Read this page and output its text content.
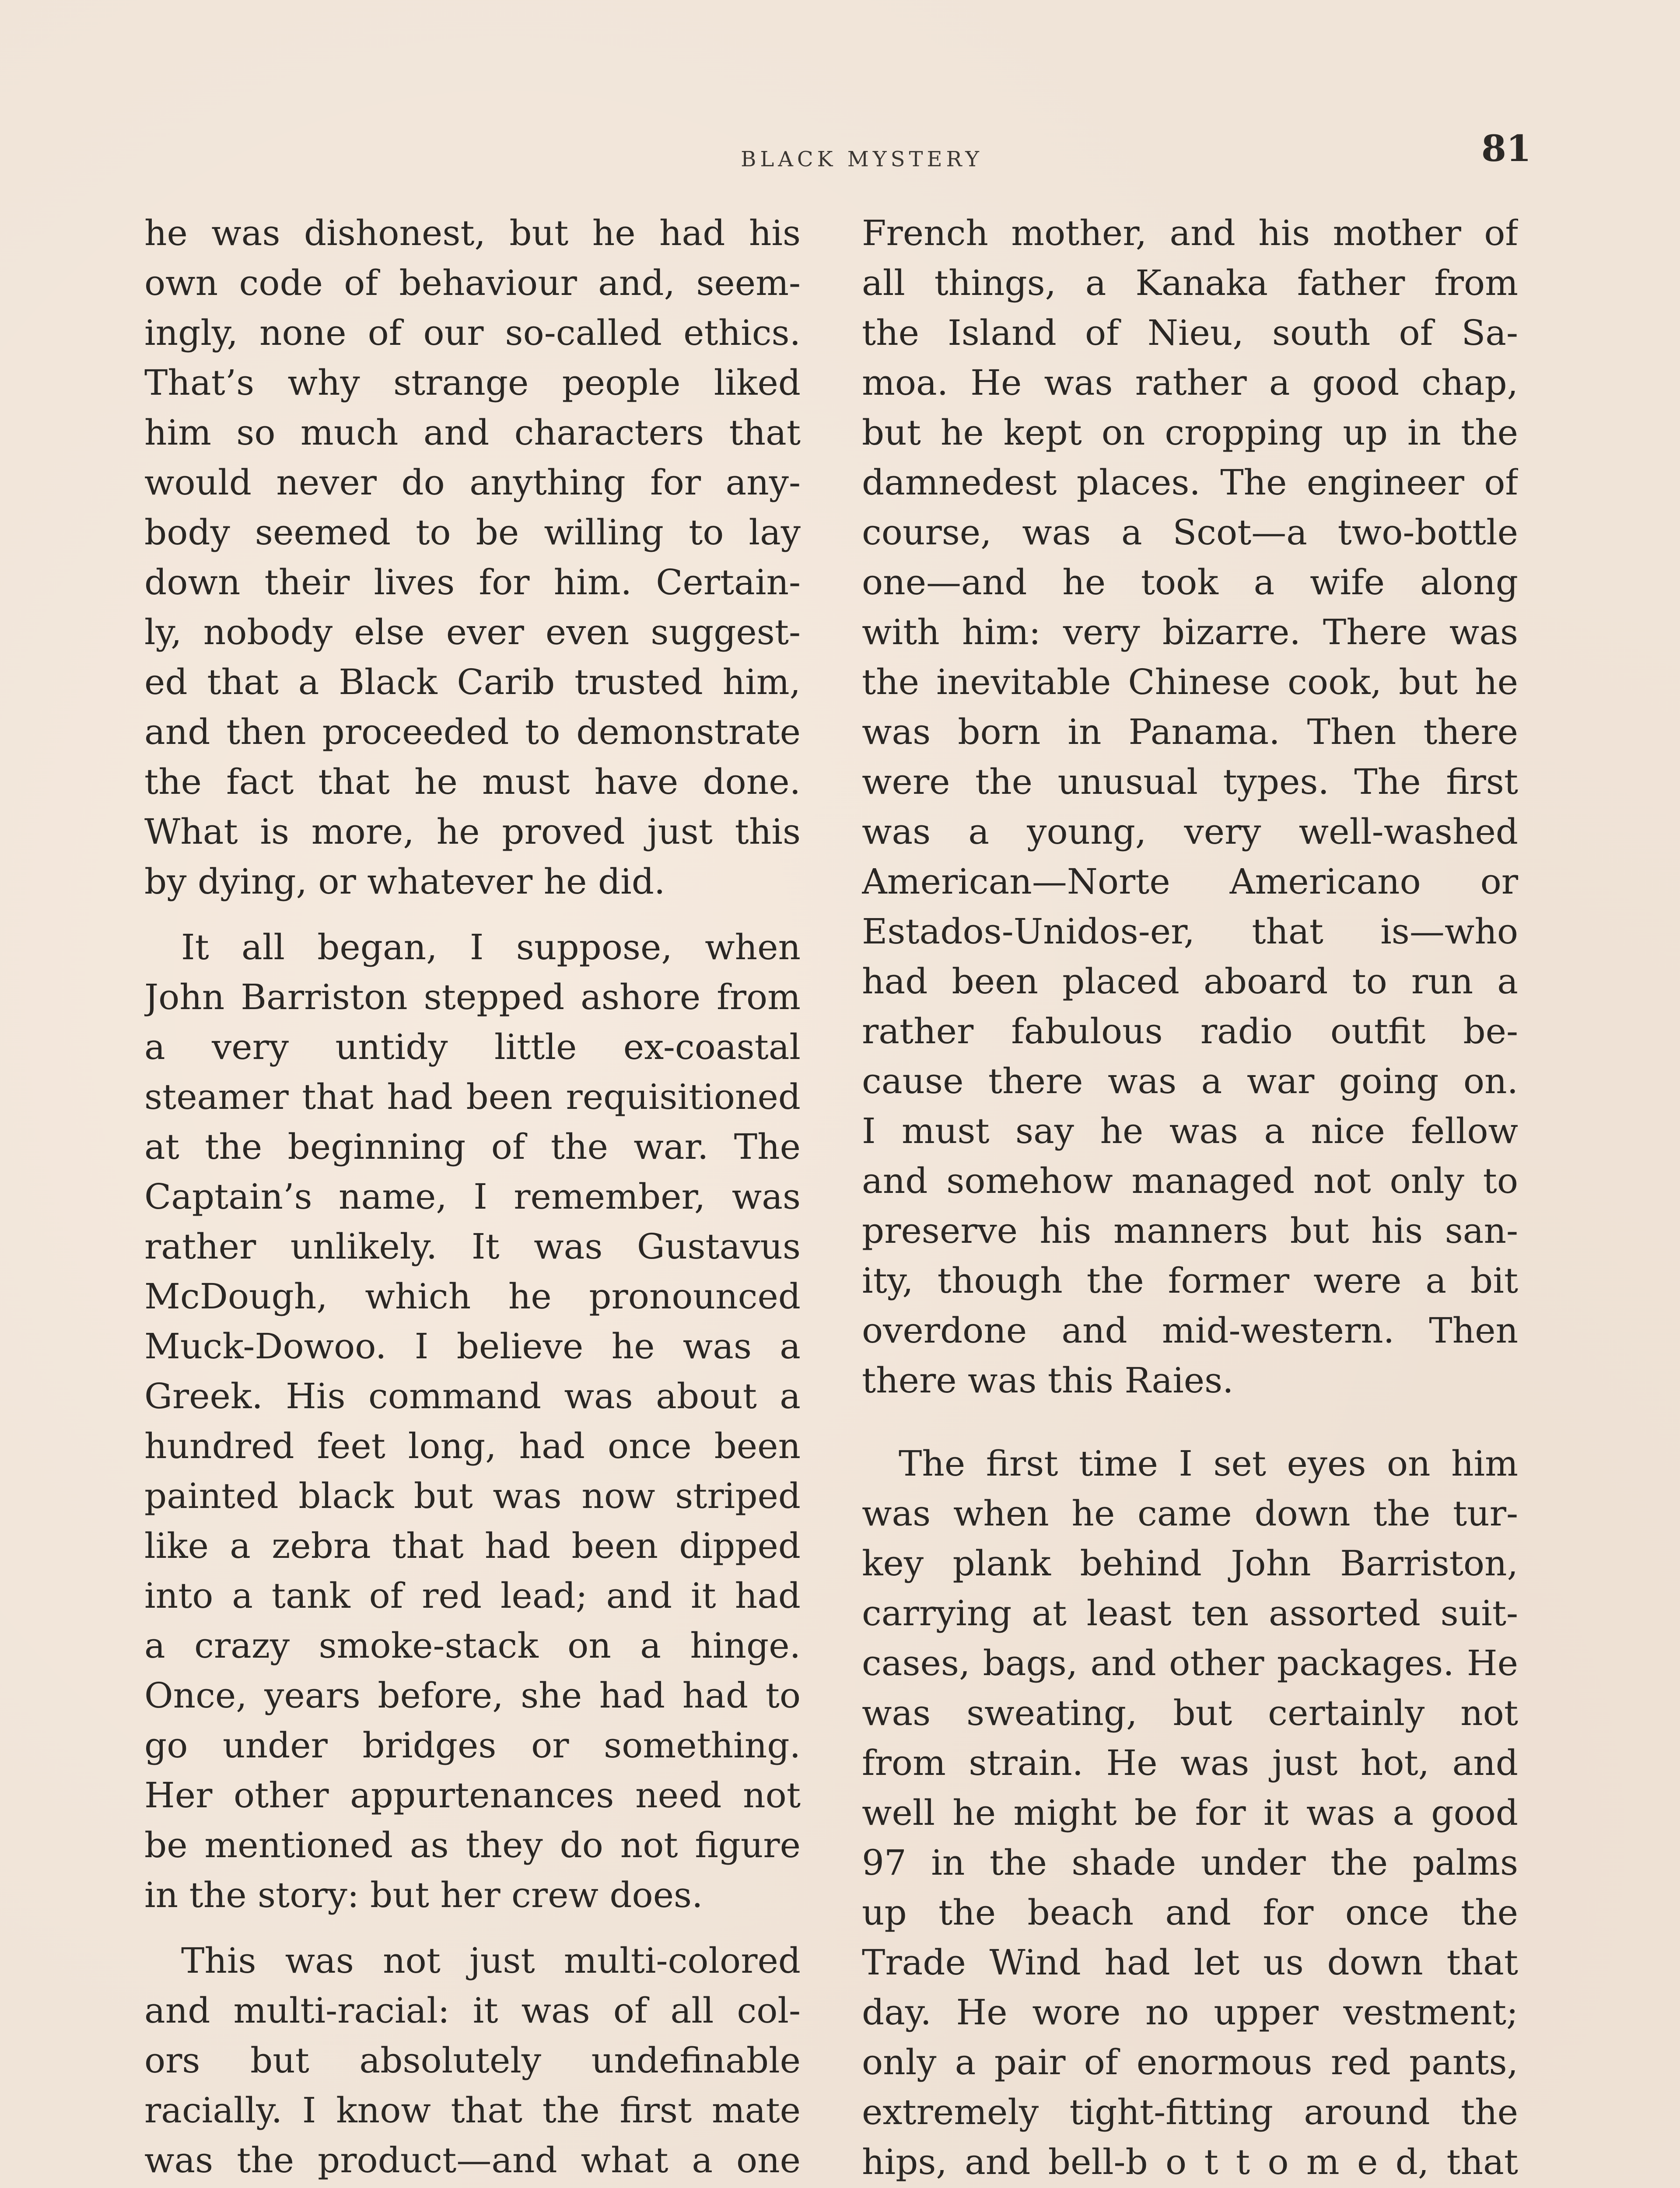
BLACK MYSTERY	81
he was dishonest, but he had his
own code of behaviour and, seem-
ingly, none of our so-called ethics.
That’s why strange people liked
him so much and characters that
would never do anything for any-
body seemed to be willing to lay
down their lives for him. Certain-
ly, nobody else ever even suggest-
ed that a Black Carib trusted him,
and then proceeded to demonstrate
the fact that he must have done.
What is more, he proved just this
by dying, or whatever he did.
It all began, I suppose, when
John Barriston stepped ashore from
a very untidy little ex-coastal
steamer that had been requisitioned
at the beginning of the war. The
Captain’s name, I remember, was
rather unlikely. It was Gustavus
McDough, which he pronounced
Muck-Dowoo. I believe he was a
Greek. His command was about a
hundred feet long, had once been
painted black but was now striped
like a zebra that had been dipped
into a tank of red lead; and it had
a crazy smoke-stack on a hinge.
Once, years before, she had had to
go under bridges or something.
Her other appurtenances need not
be mentioned as they do not figure
in the story: but her crew does.
This was not just multi-colored
and multi-racial: it was of all col-
ors but absolutely undefinable
racially. I know that the first mate
was the product—and what a one
French mother, and his mother of
all things, a Kanaka father from
the Island of Nieu, south of Sa-
moa. He was rather a good chap,
but he kept on cropping up in the
damnedest places. The engineer of
course, was a Scot—a two-bottle
one—and he took a wife along
with him: very bizarre. There was
the inevitable Chinese cook, but he
was born in Panama. Then there
were the unusual types. The first
was a young, very well-washed
American—Norte Americano or
Estados-Unidos-er, that is—who
had been placed aboard to run a
rather fabulous radio outfit be-
cause there was a war going on.
I must say he was a nice fellow
and somehow managed not only to
preserve his manners but his san-
ity, though the former were a bit
overdone and mid-western. Then
there was this Raies.
The first time I set eyes on him
was when he came down the tur-
key plank behind John Barriston,
carrying at least ten assorted suit-
cases, bags, and other packages. He
was sweating, but certainly not
from strain. He was just hot, and
well he might be for it was a good
97 in the shade under the palms
up the beach and for once the
Trade Wind had let us down that
day. He wore no upper vestment;
only a pair of enormous red pants,
extremely tight-fitting around the
hips, and bell-b o t t o m e d, that
